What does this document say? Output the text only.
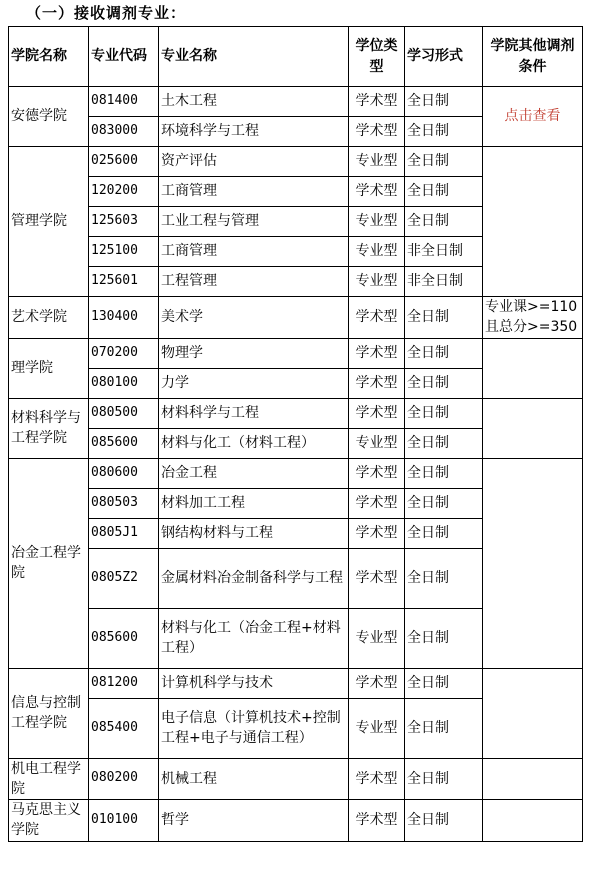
（一）接收调剂专业：
学院名称	专业代码	专业名称	学位类型	学习形式	学院其他调剂条件
安德学院	081400	土木工程	学术型	全日制	点击查看
	083000	环境科学与工程	学术型	全日制	
管理学院	025600	资产评估	专业型	全日制	
	120200	工商管理	学术型	全日制	
	125603	工业工程与管理	专业型	全日制	
	125100	工商管理	专业型	非全日制	
	125601	工程管理	专业型	非全日制	
艺术学院	130400	美术学	学术型	全日制	专业课>=110且总分>=350
理学院	070200	物理学	学术型	全日制	
	080100	力学	学术型	全日制	
材料科学与工程学院	080500	材料科学与工程	学术型	全日制	
	085600	材料与化工（材料工程）	专业型	全日制	
冶金工程学院	080600	冶金工程	学术型	全日制	
	080503	材料加工工程	学术型	全日制	
	0805J1	钢结构材料与工程	学术型	全日制	
	0805Z2	金属材料冶金制备科学与工程	学术型	全日制	
	085600	材料与化工（冶金工程+材料工程）	专业型	全日制	
信息与控制工程学院	081200	计算机科学与技术	学术型	全日制	
	085400	电子信息（计算机技术+控制工程+电子与通信工程）	专业型	全日制	
机电工程学院	080200	机械工程	学术型	全日制	
马克思主义学院	010100	哲学	学术型	全日制	
